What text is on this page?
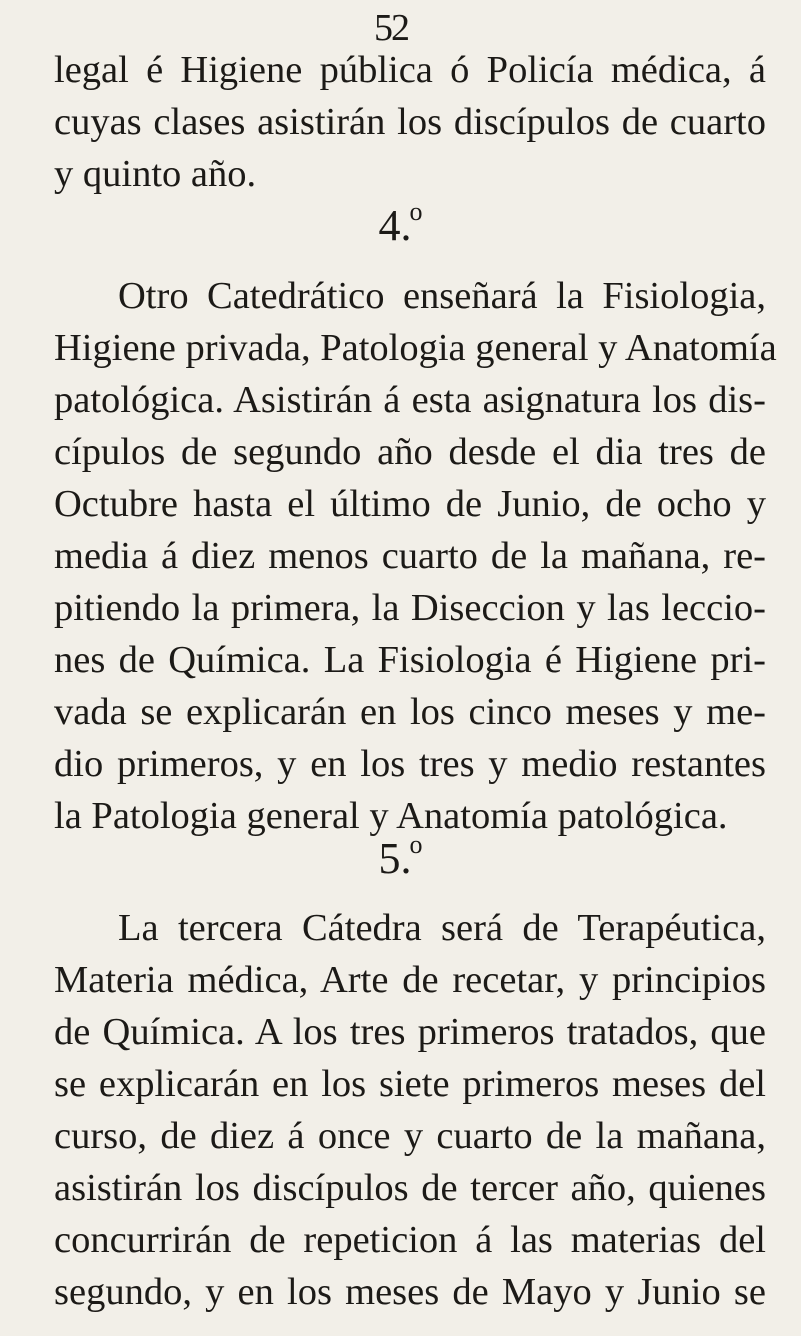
52
legal é Higiene pública ó Policía médica, á
cuyas clases asistirán los discípulos de cuarto
y quinto año.
4.$^o$
Otro Catedrático enseñará la Fisiologia,
Higiene privada, Patologia general y Anatomía
patológica. Asistirán á esta asignatura los dis-
cípulos de segundo año desde el dia tres de
Octubre hasta el último de Junio, de ocho y
media á diez menos cuarto de la mañana, re-
pitiendo la primera, la Diseccion y las leccio-
nes de Química. La Fisiologia é Higiene pri-
vada se explicarán en los cinco meses y me-
dio primeros, y en los tres y medio restantes
la Patologia general y Anatomía patológica.
5.$^o$
La tercera Cátedra será de Terapéutica,
Materia médica, Arte de recetar, y principios
de Química. A los tres primeros tratados, que
se explicarán en los siete primeros meses del
curso, de diez á once y cuarto de la mañana,
asistirán los discípulos de tercer año, quienes
concurrirán de repeticion á las materias del
segundo, y en los meses de Mayo y Junio se
